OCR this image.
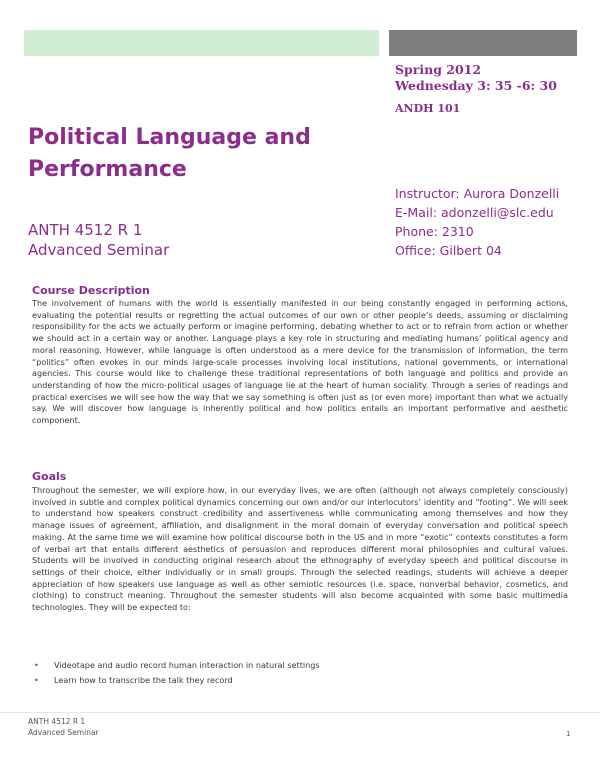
Spring 2012
Wednesday 3: 35 -6: 30
ANDH 101
Political Language and
Performance
ANTH 4512 R 1
Advanced Seminar
Instructor: Aurora Donzelli
E-Mail: adonzelli@slc.edu
Phone: 2310
Office: Gilbert 04
Course Description
The involvement of humans with the world is essentially manifested in our being constantly engaged in performing actions, evaluating the potential results or regretting the actual outcomes of our own or other people’s deeds, assuming or disclaiming responsibility for the acts we actually perform or imagine performing, debating whether to act or to refrain from action or whether we should act in a certain way or another. Language plays a key role in structuring and mediating humans’ political agency and moral reasoning. However, while language is often understood as a mere device for the transmission of information, the term “politics” often evokes in our minds large-scale processes involving local institutions, national governments, or international agencies. This course would like to challenge these traditional representations of both language and politics and provide an understanding of how the micro-political usages of language lie at the heart of human sociality. Through a series of readings and practical exercises we will see how the way that we say something is often just as (or even more) important than what we actually say. We will discover how language is inherently political and how politics entails an important performative and aesthetic component.
Goals
Throughout the semester, we will explore how, in our everyday lives, we are often (although not always completely consciously) involved in subtle and complex political dynamics concerning our own and/or our interlocutors’ identity and “footing”. We will seek to understand how speakers construct credibility and assertiveness while communicating among themselves and how they manage issues of agreement, affiliation, and disalignment in the moral domain of everyday conversation and political speech making. At the same time we will examine how political discourse both in the US and in more “exotic” contexts constitutes a form of verbal art that entails different aesthetics of persuasion and reproduces different moral philosophies and cultural values. Students will be involved in conducting original research about the ethnography of everyday speech and political discourse in settings of their choice, either individually or in small groups. Through the selected readings, students will achieve a deeper appreciation of how speakers use language as well as other semiotic resources (i.e. space, nonverbal behavior, cosmetics, and clothing) to construct meaning. Throughout the semester students will also become acquainted with some basic multimedia technologies. They will be expected to:
• Videotape and audio record human interaction in natural settings
• Learn how to transcribe the talk they record
ANTH 4512 R 1
Advanced Seminar	1
